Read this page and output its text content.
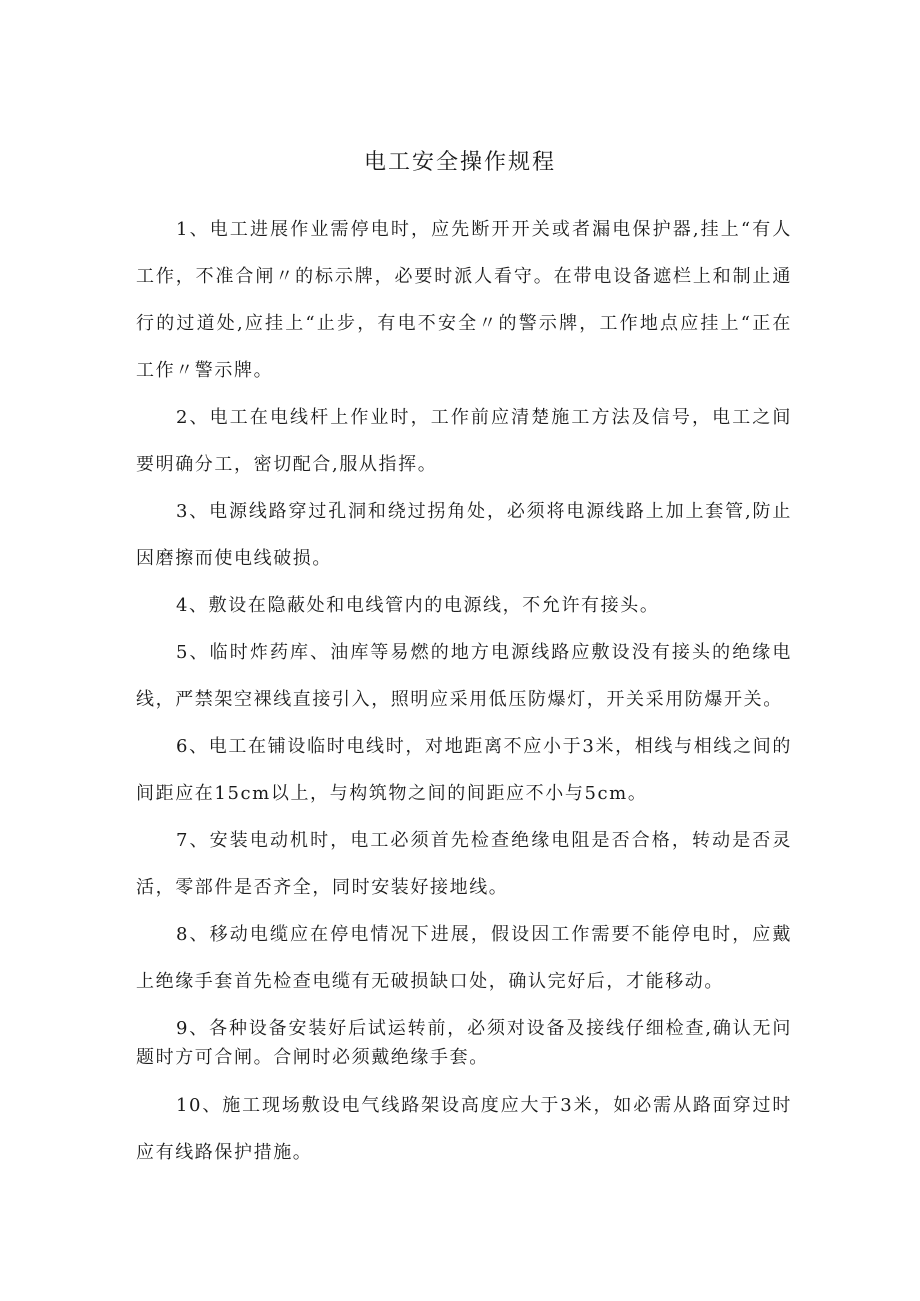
电工安全操作规程

1、电工进展作业需停电时，应先断开开关或者漏电保护器,挂上“有人工作，不准合闸〃的标示牌，必要时派人看守。在带电设备遮栏上和制止通行的过道处,应挂上“止步，有电不安全〃的警示牌，工作地点应挂上“正在工作〃警示牌。

2、电工在电线杆上作业时，工作前应清楚施工方法及信号，电工之间要明确分工，密切配合,服从指挥。

3、电源线路穿过孔洞和绕过拐角处，必须将电源线路上加上套管,防止因磨擦而使电线破损。

4、敷设在隐蔽处和电线管内的电源线，不允许有接头。

5、临时炸药库、油库等易燃的地方电源线路应敷设没有接头的绝缘电线，严禁架空裸线直接引入，照明应采用低压防爆灯，开关采用防爆开关。

6、电工在铺设临时电线时，对地距离不应小于3米，相线与相线之间的间距应在15cm以上，与构筑物之间的间距应不小与5cm。

7、安装电动机时，电工必须首先检查绝缘电阻是否合格，转动是否灵活，零部件是否齐全，同时安装好接地线。

8、移动电缆应在停电情况下进展，假设因工作需要不能停电时，应戴上绝缘手套首先检查电缆有无破损缺口处，确认完好后，才能移动。

9、各种设备安装好后试运转前，必须对设备及接线仔细检查,确认无问题时方可合闸。合闸时必须戴绝缘手套。

10、施工现场敷设电气线路架设高度应大于3米，如必需从路面穿过时应有线路保护措施。
